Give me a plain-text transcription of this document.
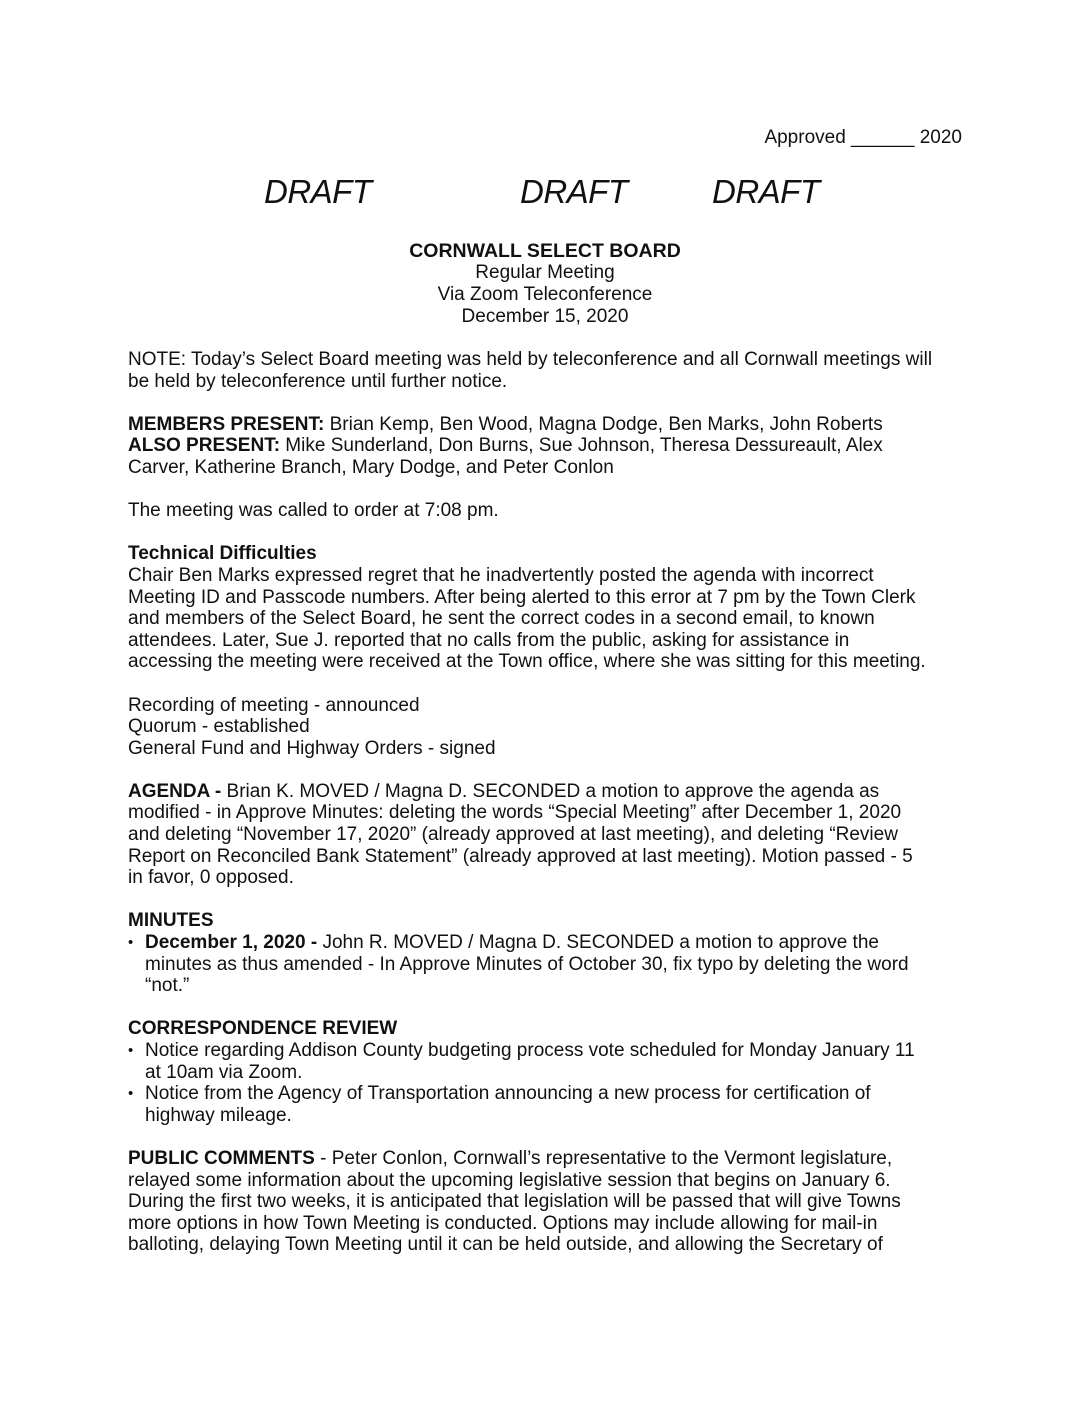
Approved ______ 2020
DRAFT	DRAFT	DRAFT
CORNWALL SELECT BOARD
Regular Meeting
Via Zoom Teleconference
December 15, 2020

NOTE: Today’s Select Board meeting was held by teleconference and all Cornwall meetings will
be held by teleconference until further notice.

MEMBERS PRESENT: Brian Kemp, Ben Wood, Magna Dodge, Ben Marks, John Roberts
ALSO PRESENT: Mike Sunderland, Don Burns, Sue Johnson, Theresa Dessureault, Alex
Carver, Katherine Branch, Mary Dodge, and Peter Conlon

The meeting was called to order at 7:08 pm.

Technical Difficulties
Chair Ben Marks expressed regret that he inadvertently posted the agenda with incorrect
Meeting ID and Passcode numbers. After being alerted to this error at 7 pm by the Town Clerk
and members of the Select Board, he sent the correct codes in a second email, to known
attendees. Later, Sue J. reported that no calls from the public, asking for assistance in
accessing the meeting were received at the Town office, where she was sitting for this meeting.

Recording of meeting - announced
Quorum - established
General Fund and Highway Orders - signed

AGENDA - Brian K. MOVED / Magna D. SECONDED a motion to approve the agenda as
modified - in Approve Minutes: deleting the words “Special Meeting” after December 1, 2020
and deleting “November 17, 2020” (already approved at last meeting), and deleting “Review
Report on Reconciled Bank Statement” (already approved at last meeting). Motion passed - 5
in favor, 0 opposed.

MINUTES
• December 1, 2020 - John R. MOVED / Magna D. SECONDED a motion to approve the
minutes as thus amended - In Approve Minutes of October 30, fix typo by deleting the word
“not.”
CORRESPONDENCE REVIEW
• Notice regarding Addison County budgeting process vote scheduled for Monday January 11
at 10am via Zoom.
• Notice from the Agency of Transportation announcing a new process for certification of
highway mileage.

PUBLIC COMMENTS - Peter Conlon, Cornwall’s representative to the Vermont legislature,
relayed some information about the upcoming legislative session that begins on January 6.
During the first two weeks, it is anticipated that legislation will be passed that will give Towns
more options in how Town Meeting is conducted. Options may include allowing for mail-in
balloting, delaying Town Meeting until it can be held outside, and allowing the Secretary of
